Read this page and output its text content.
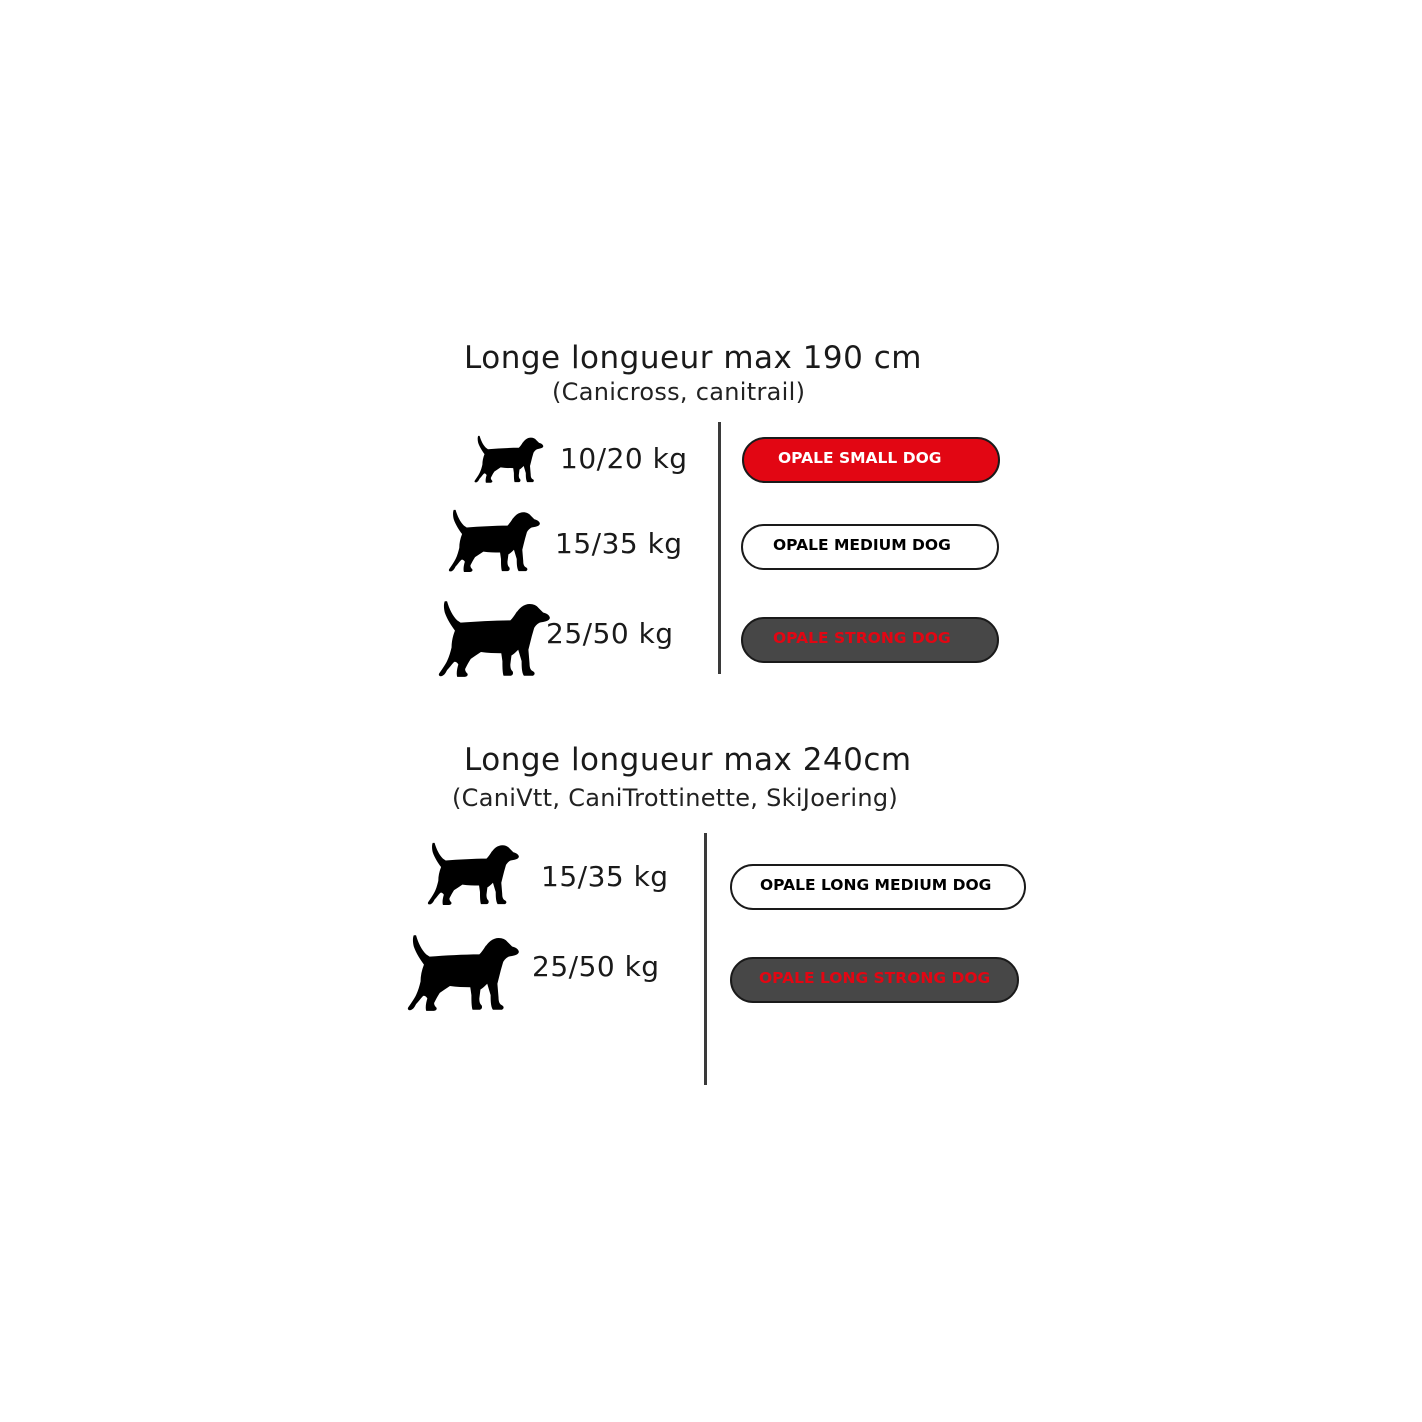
Longe longueur max 190 cm
(Canicross, canitrail)
10/20 kg	OPALE SMALL DOG
15/35 kg	OPALE MEDIUM DOG
25/50 kg	OPALE STRONG DOG
Longe longueur max 240cm
(CaniVtt, CaniTrottinette, SkiJoering)
15/35 kg	OPALE LONG MEDIUM DOG
25/50 kg	OPALE LONG STRONG DOG
